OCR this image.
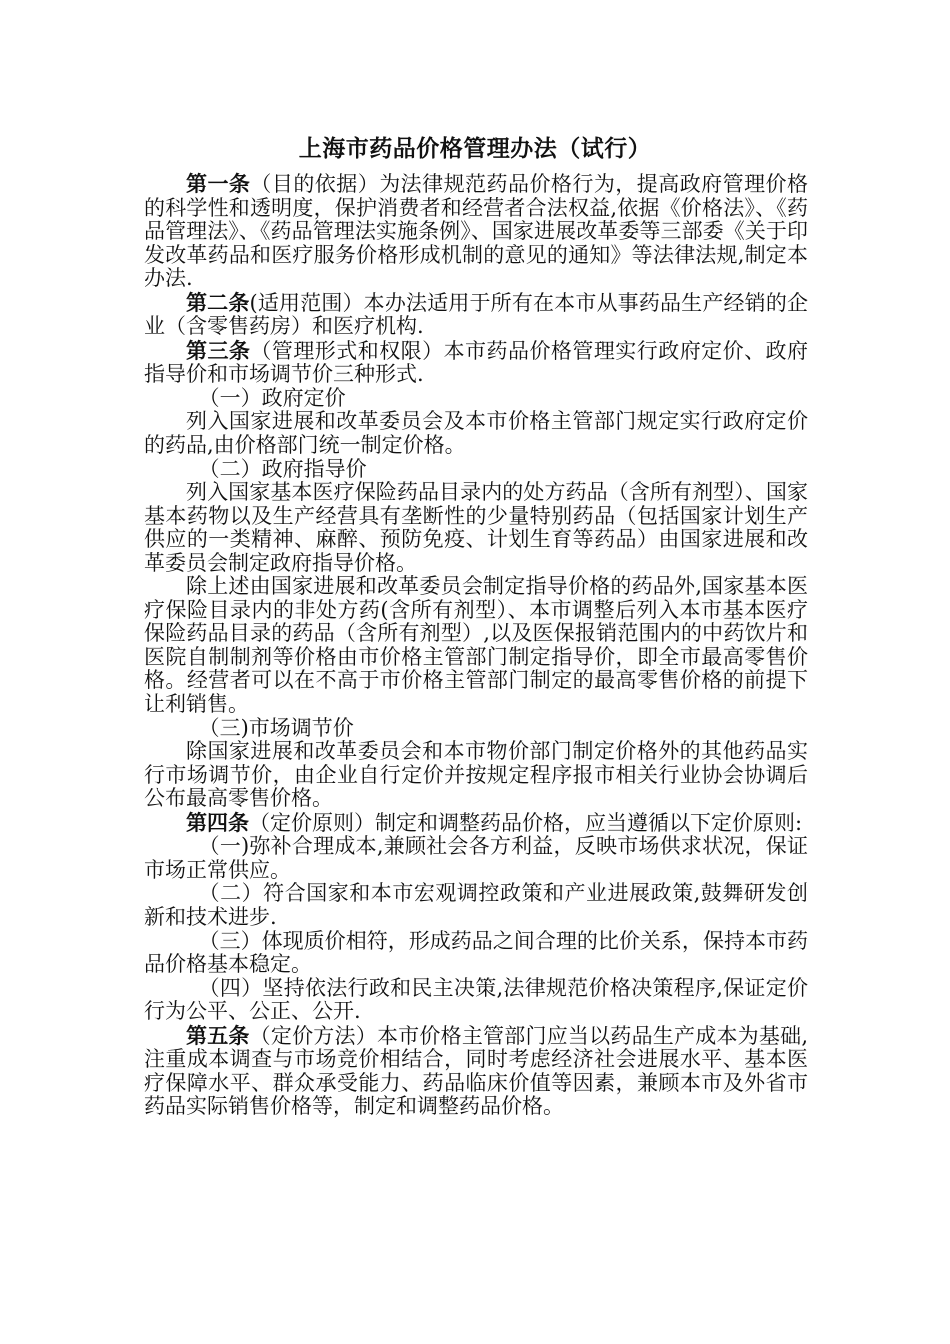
上海市药品价格管理办法（试行）

第一条（目的依据）为法律规范药品价格行为，提高政府管理价格的科学性和透明度，保护消费者和经营者合法权益,依据《价格法》、《药品管理法》、《药品管理法实施条例》、国家进展改革委等三部委《关于印发改革药品和医疗服务价格形成机制的意见的通知》等法律法规,制定本办法.

第二条(适用范围）本办法适用于所有在本市从事药品生产经销的企业（含零售药房）和医疗机构.

第三条（管理形式和权限）本市药品价格管理实行政府定价、政府指导价和市场调节价三种形式.

（一）政府定价

列入国家进展和改革委员会及本市价格主管部门规定实行政府定价的药品,由价格部门统一制定价格。

（二）政府指导价

列入国家基本医疗保险药品目录内的处方药品（含所有剂型）、国家基本药物以及生产经营具有垄断性的少量特别药品（包括国家计划生产供应的一类精神、麻醉、预防免疫、计划生育等药品）由国家进展和改革委员会制定政府指导价格。

除上述由国家进展和改革委员会制定指导价格的药品外,国家基本医疗保险目录内的非处方药(含所有剂型）、本市调整后列入本市基本医疗保险药品目录的药品（含所有剂型）,以及医保报销范围内的中药饮片和医院自制制剂等价格由市价格主管部门制定指导价，即全市最高零售价格。经营者可以在不高于市价格主管部门制定的最高零售价格的前提下让利销售。

（三)市场调节价

除国家进展和改革委员会和本市物价部门制定价格外的其他药品实行市场调节价，由企业自行定价并按规定程序报市相关行业协会协调后公布最高零售价格。

第四条（定价原则）制定和调整药品价格，应当遵循以下定价原则:

（一)弥补合理成本,兼顾社会各方利益，反映市场供求状况，保证市场正常供应。

（二）符合国家和本市宏观调控政策和产业进展政策,鼓舞研发创新和技术进步.

（三）体现质价相符，形成药品之间合理的比价关系，保持本市药品价格基本稳定。

（四）坚持依法行政和民主决策,法律规范价格决策程序,保证定价行为公平、公正、公开.

第五条（定价方法）本市价格主管部门应当以药品生产成本为基础,注重成本调查与市场竞价相结合，同时考虑经济社会进展水平、基本医疗保障水平、群众承受能力、药品临床价值等因素，兼顾本市及外省市药品实际销售价格等，制定和调整药品价格。
